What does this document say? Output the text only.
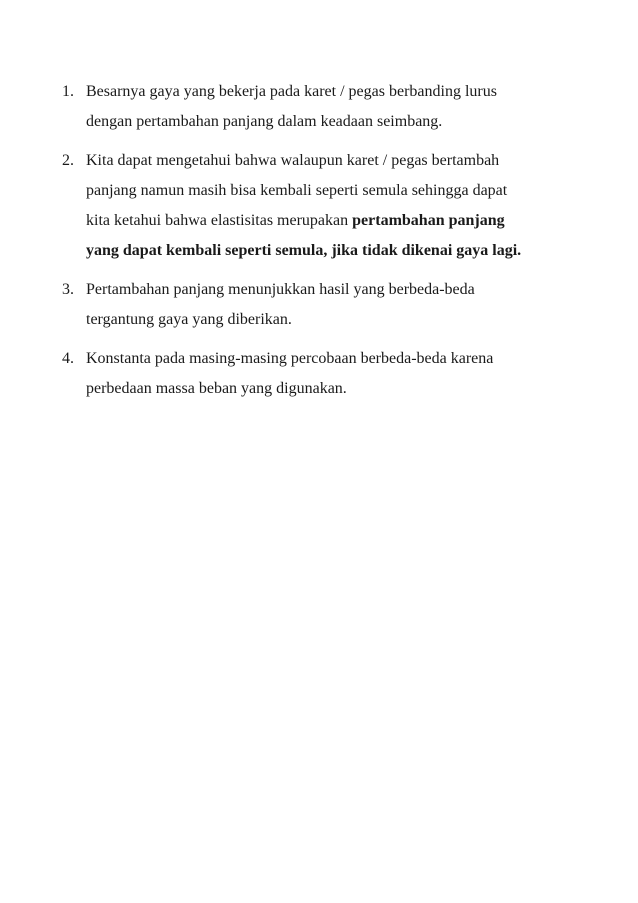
1. Besarnya gaya yang bekerja pada karet / pegas berbanding lurus
dengan pertambahan panjang dalam keadaan seimbang.
2. Kita dapat mengetahui bahwa walaupun karet / pegas bertambah
panjang namun masih bisa kembali seperti semula sehingga dapat
kita ketahui bahwa elastisitas merupakan pertambahan panjang
yang dapat kembali seperti semula, jika tidak dikenai gaya lagi.
3. Pertambahan panjang menunjukkan hasil yang berbeda-beda
tergantung gaya yang diberikan.
4. Konstanta pada masing-masing percobaan berbeda-beda karena
perbedaan massa beban yang digunakan.
